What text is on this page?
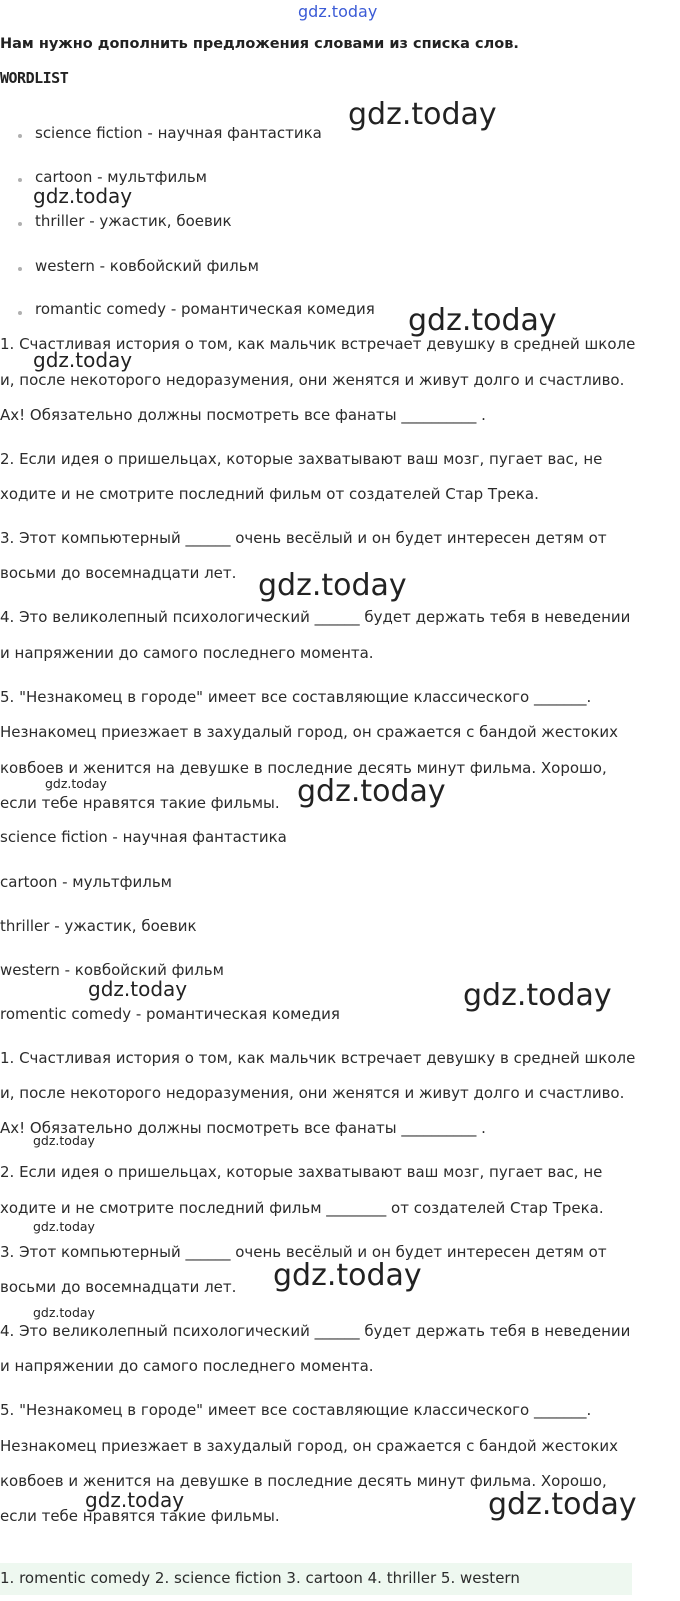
gdz.today
Нам нужно дополнить предложения словами из списка слов.
WORDLIST
science fiction - научная фантастика
cartoon - мультфильм
thriller - ужастик, боевик
western - ковбойский фильм
romantic comedy - романтическая комедия
1. Счастливая история о том, как мальчик встречает девушку в средней школе
и, после некоторого недоразумения, они женятся и живут долго и счастливо.
Ах! Обязательно должны посмотреть все фанаты __________ .
2. Если идея о пришельцах, которые захватывают ваш мозг, пугает вас, не
ходите и не смотрите последний фильм от создателей Стар Трека.
3. Этот компьютерный ______ очень весёлый и он будет интересен детям от
восьми до восемнадцати лет.
4. Это великолепный психологический ______ будет держать тебя в неведении
и напряжении до самого последнего момента.
5. "Незнакомец в городе" имеет все составляющие классического _______.
Незнакомец приезжает в захудалый город, он сражается с бандой жестоких
ковбоев и женится на девушке в последние десять минут фильма. Хорошо,
если тебе нравятся такие фильмы.
science fiction - научная фантастика
cartoon - мультфильм
thriller - ужастик, боевик
western - ковбойский фильм
romentic comedy - романтическая комедия
1. Счастливая история о том, как мальчик встречает девушку в средней школе
и, после некоторого недоразумения, они женятся и живут долго и счастливо.
Ах! Обязательно должны посмотреть все фанаты __________ .
2. Если идея о пришельцах, которые захватывают ваш мозг, пугает вас, не
ходите и не смотрите последний фильм ________ от создателей Стар Трека.
3. Этот компьютерный ______ очень весёлый и он будет интересен детям от
восьми до восемнадцати лет.
4. Это великолепный психологический ______ будет держать тебя в неведении
и напряжении до самого последнего момента.
5. "Незнакомец в городе" имеет все составляющие классического _______.
Незнакомец приезжает в захудалый город, он сражается с бандой жестоких
ковбоев и женится на девушке в последние десять минут фильма. Хорошо,
если тебе нравятся такие фильмы.
1. romentic comedy 2. science fiction 3. cartoon 4. thriller 5. western
gdz.today
gdz.today
gdz.today
gdz.today
gdz.today
gdz.today	gdz.today
gdz.today	gdz.today
gdz.today
gdz.today
gdz.today
gdz.today
gdz.today	gdz.today
